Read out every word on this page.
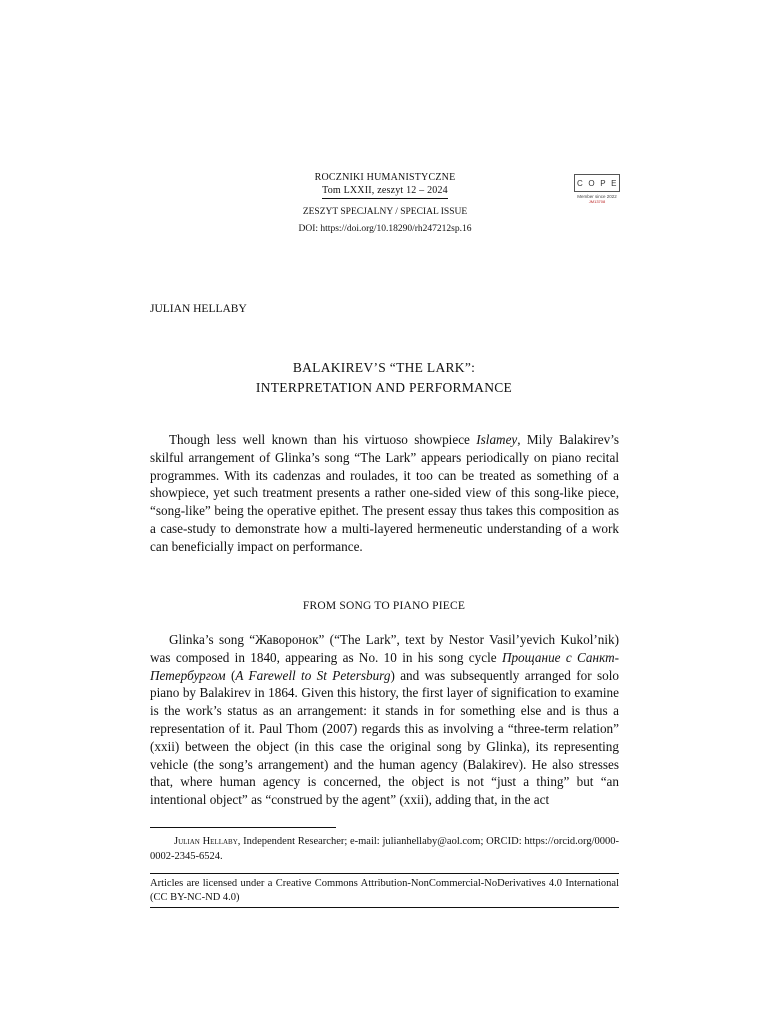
ROCZNIKI HUMANISTYCZNE
Tom LXXII, zeszyt 12 – 2024
ZESZYT SPECJALNY / SPECIAL ISSUE
DOI: https://doi.org/10.18290/rh247212sp.16
C O P E
Member since 2022
JM13708
JULIAN HELLABY
BALAKIREV’S “THE LARK”:
INTERPRETATION AND PERFORMANCE
Though less well known than his virtuoso showpiece Islamey, Mily Balakirev’s skilful arrangement of Glinka’s song “The Lark” appears periodically on piano recital programmes. With its cadenzas and roulades, it too can be treated as something of a showpiece, yet such treatment presents a rather one-sided view of this song-like piece, “song-like” being the operative epithet. The present essay thus takes this composition as a case-study to demonstrate how a multi-layered hermeneutic understanding of a work can beneficially impact on performance.
FROM SONG TO PIANO PIECE
Glinka’s song “Жаворонок” (“The Lark”, text by Nestor Vasil’yevich Kukol’nik) was composed in 1840, appearing as No. 10 in his song cycle Прощание с Санкт-Петербургом (A Farewell to St Petersburg) and was subsequently arranged for solo piano by Balakirev in 1864. Given this history, the first layer of signification to examine is the work’s status as an arrangement: it stands in for something else and is thus a representation of it. Paul Thom (2007) regards this as involving a “three-term relation” (xxii) between the object (in this case the original song by Glinka), its representing vehicle (the song’s arrangement) and the human agency (Balakirev). He also stresses that, where human agency is concerned, the object is not “just a thing” but “an intentional object” as “construed by the agent” (xxii), adding that, in the act
Julian Hellaby, Independent Researcher; e-mail: julianhellaby@aol.com; ORCID: https://orcid.org/0000-0002-2345-6524.
Articles are licensed under a Creative Commons Attribution-NonCommercial-NoDerivatives 4.0 International (CC BY-NC-ND 4.0)
